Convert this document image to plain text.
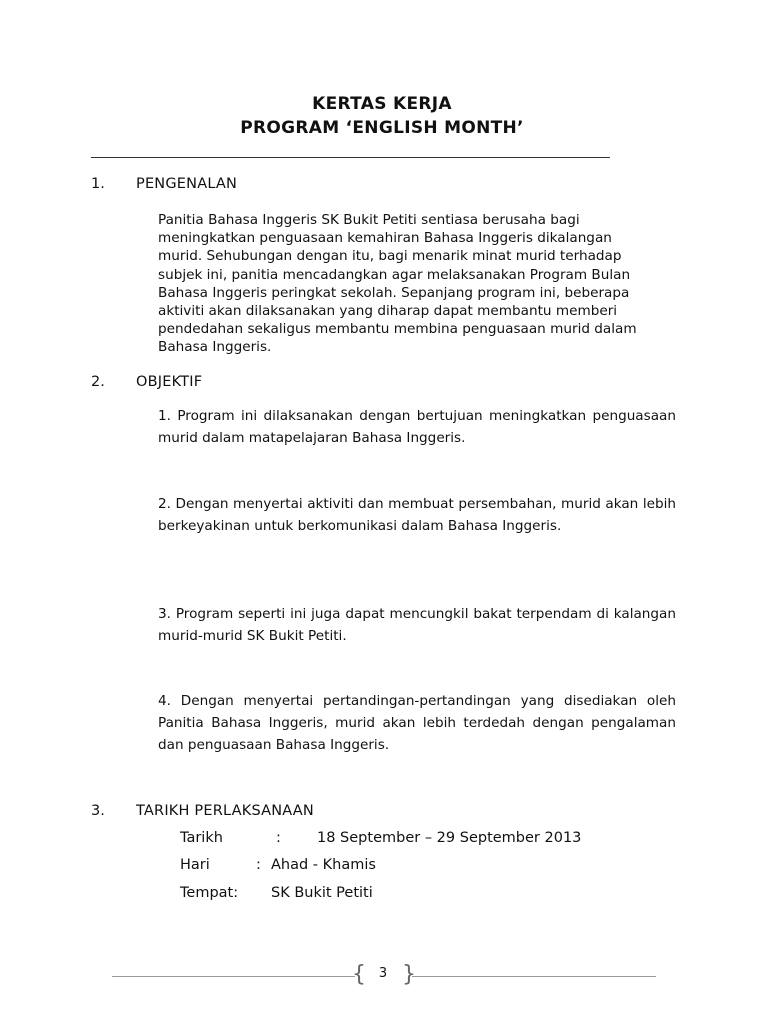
KERTAS KERJA
PROGRAM ‘ENGLISH MONTH’
1. PENGENALAN

Panitia Bahasa Inggeris SK Bukit Petiti sentiasa berusaha bagi meningkatkan penguasaan kemahiran Bahasa Inggeris dikalangan murid. Sehubungan dengan itu, bagi menarik minat murid terhadap subjek ini, panitia mencadangkan agar melaksanakan Program Bulan Bahasa Inggeris peringkat sekolah. Sepanjang program ini, beberapa aktiviti akan dilaksanakan yang diharap dapat membantu memberi pendedahan sekaligus membantu membina penguasaan murid dalam Bahasa Inggeris.

2. OBJEKTIF

1. Program ini dilaksanakan dengan bertujuan meningkatkan penguasaan murid dalam matapelajaran Bahasa Inggeris.

2. Dengan menyertai aktiviti dan membuat persembahan, murid akan lebih berkeyakinan untuk berkomunikasi dalam Bahasa Inggeris.

3. Program seperti ini juga dapat mencungkil bakat terpendam di kalangan murid-murid SK Bukit Petiti.

4. Dengan menyertai pertandingan-pertandingan yang disediakan oleh Panitia Bahasa Inggeris, murid akan lebih terdedah dengan pengalaman dan penguasaan Bahasa Inggeris.

3. TARIKH PERLAKSANAAN
Tarikh	: 18 September – 29 September 2013
Hari	: Ahad - Khamis
Tempat: SK Bukit Petiti
{ }
3
